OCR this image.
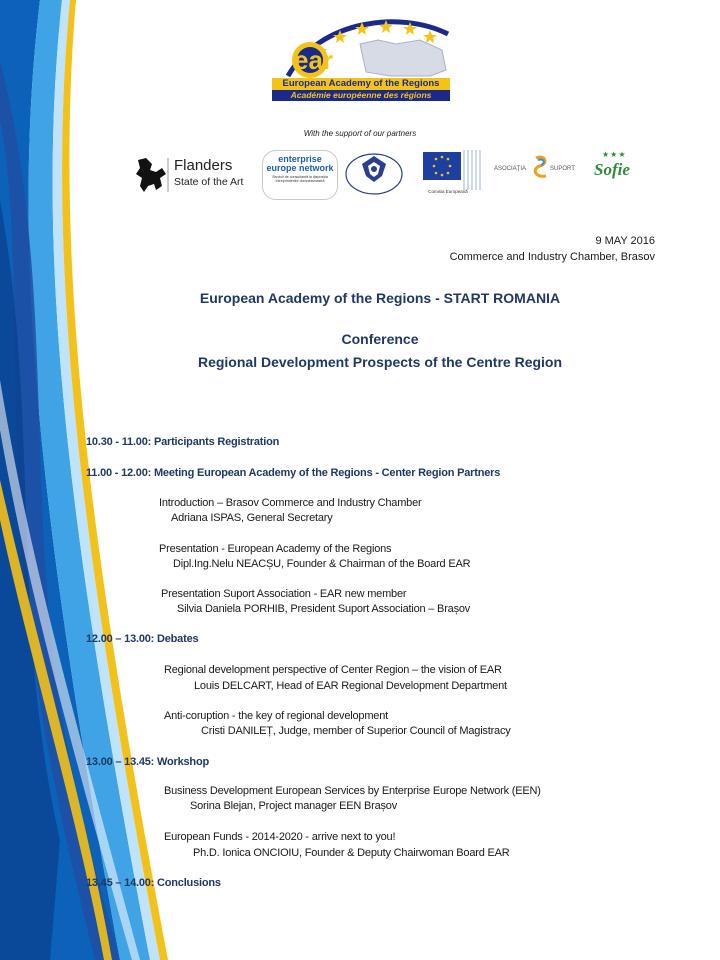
ear
European Academy of the Regions
Académie européenne des régions
With the support of our partners
Flanders
State of the Art
enterprise europe network
Servicii de consultanță la dispoziția întreprinderilor dumneavoastră
Comisia Europeană
ASOCIAȚIA	SUPORT
★★★
Sofie
9 MAY 2016
Commerce and Industry Chamber, Brasov
European Academy of the Regions - START ROMANIA
Conference
Regional Development Prospects of the Centre Region
10.30 - 11.00: Participants Registration
11.00 - 12.00: Meeting European Academy of the Regions - Center Region Partners
Introduction – Brasov Commerce and Industry Chamber
Adriana ISPAS, General Secretary
Presentation - European Academy of the Regions
Dipl.Ing.Nelu NEACȘU, Founder & Chairman of the Board EAR
Presentation Suport Association - EAR new member
Silvia Daniela PORHIB, President Suport Association – Brașov
12.00 – 13.00: Debates
Regional development perspective of Center Region – the vision of EAR
Louis DELCART, Head of EAR Regional Development Department
Anti-coruption - the key of regional development
Cristi DANILEȚ, Judge, member of Superior Council of Magistracy
13.00 – 13.45: Workshop
Business Development European Services by Enterprise Europe Network (EEN)
Sorina Blejan, Project manager EEN Brașov
European Funds - 2014-2020 - arrive next to you!
Ph.D. Ionica ONCIOIU, Founder & Deputy Chairwoman Board EAR
13.45 – 14.00: Conclusions
